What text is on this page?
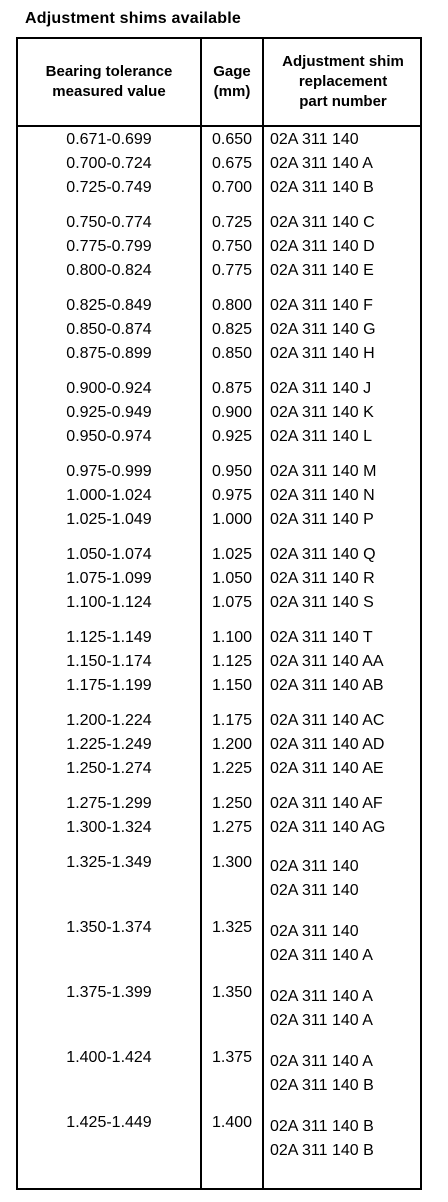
Adjustment shims available
Bearing tolerance
measured value
Gage
(mm)
Adjustment shim
replacement
part number
0.671-0.699	0.650	02A 311 140
0.700-0.724	0.675	02A 311 140 A
0.725-0.749	0.700	02A 311 140 B
0.750-0.774	0.725	02A 311 140 C
0.775-0.799	0.750	02A 311 140 D
0.800-0.824	0.775	02A 311 140 E
0.825-0.849	0.800	02A 311 140 F
0.850-0.874	0.825	02A 311 140 G
0.875-0.899	0.850	02A 311 140 H
0.900-0.924	0.875	02A 311 140 J
0.925-0.949	0.900	02A 311 140 K
0.950-0.974	0.925	02A 311 140 L
0.975-0.999	0.950	02A 311 140 M
1.000-1.024	0.975	02A 311 140 N
1.025-1.049	1.000	02A 311 140 P
1.050-1.074	1.025	02A 311 140 Q
1.075-1.099	1.050	02A 311 140 R
1.100-1.124	1.075	02A 311 140 S
1.125-1.149	1.100	02A 311 140 T
1.150-1.174	1.125	02A 311 140 AA
1.175-1.199	1.150	02A 311 140 AB
1.200-1.224	1.175	02A 311 140 AC
1.225-1.249	1.200	02A 311 140 AD
1.250-1.274	1.225	02A 311 140 AE
1.275-1.299	1.250	02A 311 140 AF
1.300-1.324	1.275	02A 311 140 AG
1.325-1.349	1.300	02A 311 140
02A 311 140
1.350-1.374	1.325	02A 311 140
02A 311 140 A
1.375-1.399	1.350	02A 311 140 A
02A 311 140 A
1.400-1.424	1.375	02A 311 140 A
02A 311 140 B
1.425-1.449	1.400	02A 311 140 B
02A 311 140 B
